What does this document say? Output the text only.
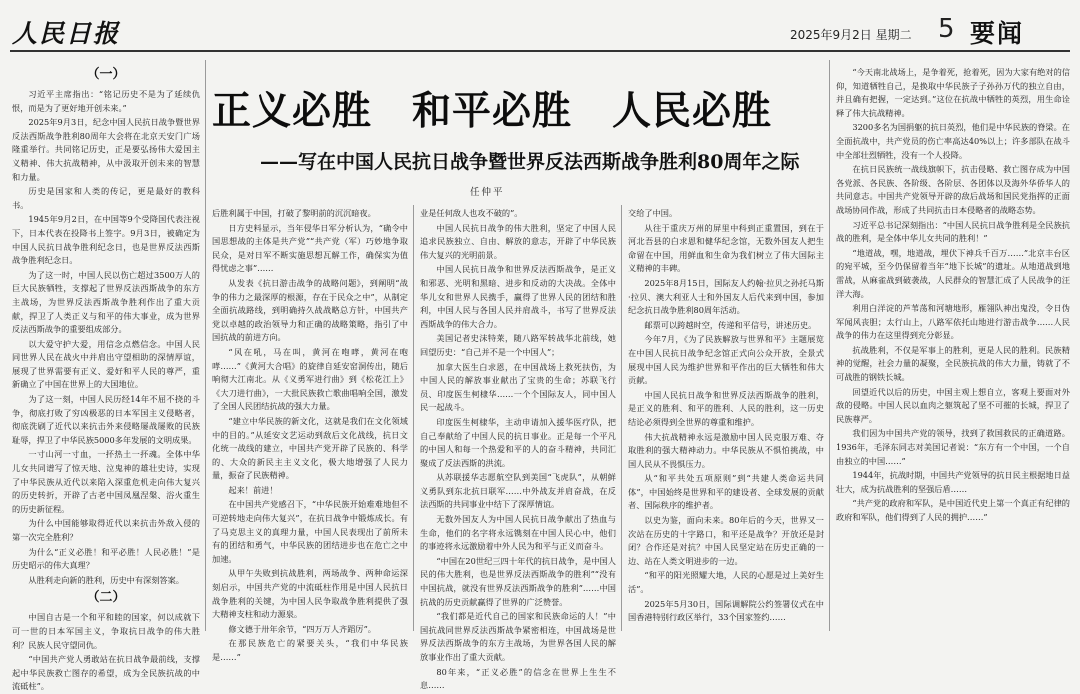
人民日报	2025年9月2日 星期二 5 要闻
正义必胜　和平必胜　人民必胜
——写在中国人民抗日战争暨世界反法西斯战争胜利80周年之际
任仲平
（一）

习近平主席指出：“铭记历史不是为了延续仇恨，而是为了更好地开创未来。”

2025年9月3日，纪念中国人民抗日战争暨世界反法西斯战争胜利80周年大会将在北京天安门广场隆重举行。共同铭记历史，正是要弘扬伟大爱国主义精神、伟大抗战精神，从中汲取开创未来的智慧和力量。

历史是国家和人类的传记，更是最好的教科书。

1945年9月2日，在中国等9个受降国代表注视下，日本代表在投降书上签字。9月3日，被确定为中国人民抗日战争胜利纪念日，也是世界反法西斯战争胜利纪念日。

为了这一时，中国人民以伤亡超过3500万人的巨大民族牺牲，支撑起了世界反法西斯战争的东方主战场，为世界反法西斯战争胜利作出了重大贡献，捍卫了人类正义与和平的伟大事业，成为世界反法西斯战争的重要组成部分。

以大爱守护大爱，用信念点燃信念。中国人民同世界人民在战火中并肩出守望相助的深情厚谊，展现了世界需要有正义、爱好和平人民的尊严，重新确立了中国在世界上的大国地位。

为了这一刻，中国人民历经14年不屈不挠的斗争，彻底打败了穷凶极恶的日本军国主义侵略者，彻底洗刷了近代以来抗击外来侵略屡战屡败的民族耻辱，捍卫了中华民族5000多年发展的文明成果。

一寸山河一寸血，一抔热土一抔魂。全体中华儿女共同谱写了惊天地、泣鬼神的雄壮史诗，实现了中华民族从近代以来陷入深重危机走向伟大复兴的历史转折，开辟了古老中国凤凰涅槃、浴火重生的历史新征程。

为什么中国能够取得近代以来抗击外敌入侵的第一次完全胜利？

为什么“正义必胜！和平必胜！人民必胜！”是历史昭示的伟大真理？

从胜利走向新的胜利，历史中有深刻答案。

（二）

中国自古是一个和平和睦的国家，何以成就下可一世的日本军国主义，争取抗日战争的伟大胜利？民族人民守望同仇。

“中国共产党人勇敢站在抗日战争最前线，支撑起中华民族救亡图存的希望，成为全民族抗战的中流砥柱”。

后胜利属于中国，打破了黎明前的沉沉暗夜。

日方史料显示，当年侵华日军分析认为，“确令中国思想战的主体是共产党”“共产党（军）巧妙地争取民众，是对日军不断实施思想瓦解工作，确保实为值得忧虑之事”……

从发表《抗日游击战争的战略问题》，到阐明“战争的伟力之最深厚的根源，存在于民众之中”，从制定全面抗战路线，到明确持久战战略总方针，中国共产党以卓越的政治领导力和正确的战略策略，指引了中国抗战的前进方向。

“风在吼，马在叫，黄河在咆哮，黄河在咆哮……”《黄河大合唱》的旋律自延安窑洞传出，随后响彻大江南北。从《义勇军进行曲》到《松花江上》《大刀进行曲》，一大批民族救亡歌曲唱响全国，激发了全国人民团结抗战的强大力量。

“建立中华民族的新文化，这就是我们在文化领域中的目的。”从延安文艺运动到敌后文化战线，抗日文化统一战线的建立，中国共产党开辟了民族的、科学的、大众的新民主主义文化，极大地增强了人民力量，振奋了民族精神。

起来！前进！

在中国共产党感召下，“中华民族开始难难地但不可逆转地走向伟大复兴”，在抗日战争中锻炼成长。有了马克思主义的真理力量，中国人民表现出了前所未有的团结和勇气，中华民族的团结进步也在危亡之中加速。

从甲午失败到抗战胜利，两场战争、两种命运深刻启示，中国共产党的中流砥柱作用是中国人民抗日战争胜利的关键，为中国人民争取战争胜利提供了强大精神支柱和动力源泉。

修文德于卅年余节，“四万万人齐蹈厉”。

在那民族危亡的紧要关头，“我们中华民族是……”

业是任何敌人也攻不破的”。

中国人民抗日战争的伟大胜利，坚定了中国人民追求民族独立、自由、解放的意志，开辟了中华民族伟大复兴的光明前景。

中国人民抗日战争和世界反法西斯战争，是正义和邪恶、光明和黑暗、进步和反动的大决战。全体中华儿女和世界人民携手，赢得了世界人民的团结和胜利，中国人民与各国人民并肩战斗，书写了世界反法西斯战争的伟大合力。

美国记者史沫特莱，随八路军转战华北前线，她回望历史：“自己并不是一个中国人”；

加拿大医生白求恩，在中国战场上救死扶伤，为中国人民的解放事业献出了宝贵的生命；苏联飞行员、印度医生柯棣华……一个个国际友人，同中国人民一起战斗。

印度医生柯棣华，主动申请加入援华医疗队，把自己奉献给了中国人民的抗日事业。正是每一个平凡的中国人和每一个热爱和平的人的奋斗精神，共同汇聚成了反法西斯的洪流。

从苏联援华志愿航空队到美国“飞虎队”，从朝鲜义勇队到东北抗日联军……中外战友并肩奋战，在反法西斯的共同事业中结下了深厚情谊。

无数外国友人为中国人民抗日战争献出了热血与生命，他们的名字将永远镌刻在中国人民心中，他们的事迹将永远激励着中外人民为和平与正义而奋斗。

“中国在20世纪三四十年代的抗日战争，是中国人民的伟大胜利，也是世界反法西斯战争的胜利”“没有中国抗战，就没有世界反法西斯战争的胜利”……中国抗战的历史贡献赢得了世界的广泛赞誉。

“我们都是近代自己的国家和民族命运的人！”中国抗战同世界反法西斯战争紧密相连，中国战场是世界反法西斯战争的东方主战场，为世界各国人民的解放事业作出了重大贡献。

80年来，“正义必胜”的信念在世界上生生不息……

交给了中国。

从往于重庆万州的屏里中科到正重置国，到在于河北吾县的白求恩和健华纪念馆，无数外国友人把生命留在中国，用鲜血和生命为我们树立了伟大国际主义精神的丰碑。

2025年8月15日，国际友人约翰·拉贝之孙托马斯·拉贝、澳大利亚人士和外国友人后代来到中国，参加纪念抗日战争胜利80周年活动。

邮票可以跨越时空，传递和平信号，讲述历史。

今年7月，《为了民族解放与世界和平》主题展览在中国人民抗日战争纪念馆正式向公众开放，全景式展现中国人民为维护世界和平作出的巨大牺牲和伟大贡献。

中国人民抗日战争和世界反法西斯战争的胜利，是正义的胜利、和平的胜利、人民的胜利，这一历史结论必须得到全世界的尊重和维护。

伟大抗战精神永远是激励中国人民克服万难、夺取胜利的强大精神动力。中华民族从不惧怕挑战，中国人民从不畏惧压力。

从“和平共处五项原则”到“共建人类命运共同体”，中国始终是世界和平的建设者、全球发展的贡献者、国际秩序的维护者。

以史为鉴，面向未来。80年后的今天，世界又一次站在历史的十字路口，和平还是战争？开放还是封闭？合作还是对抗？中国人民坚定站在历史正确的一边、站在人类文明进步的一边。

“和平的阳光照耀大地，人民的心愿是过上美好生活”。

2025年5月30日，国际调解院公约签署仪式在中国香港特别行政区举行，33个国家签约……

“今天南北战场上，是争着死，抢着死，因为大家有绝对的信仰，知道牺牲自己，是换取中华民族子子孙孙万代的独立自由，并且确有把握，一定达到。”这位在抗战中牺牲的英烈，用生命诠释了伟大抗战精神。

3200多名为国捐躯的抗日英烈，他们是中华民族的脊梁。在全面抗战中，共产党员的伤亡率高达40%以上；许多部队在战斗中全部壮烈牺牲，没有一个人投降。

在抗日民族统一战线旗帜下，抗击侵略、救亡图存成为中国各党派、各民族、各阶级、各阶层、各团体以及海外华侨华人的共同意志。中国共产党领导开辟的敌后战场和国民党指挥的正面战场协同作战，形成了共同抗击日本侵略者的战略态势。

习近平总书记深刻指出：“中国人民抗日战争胜利是全民族抗战的胜利，是全体中华儿女共同的胜利！”

“地道战，嘿，地道战，埋伏下神兵千百万……”北京丰台区的宛平城，至今仍保留着当年“地下长城”的遗址。从地道战到地雷战，从麻雀战到破袭战，人民群众的智慧汇成了人民战争的汪洋大海。

利用白洋淀的芦苇荡和河塘地形，雁翎队神出鬼没，令日伪军闻风丧胆；太行山上，八路军依托山地进行游击战争……人民战争的伟力在这里得到充分彰显。

抗战胜利，不仅是军事上的胜利，更是人民的胜利。民族精神的觉醒，社会力量的凝聚，全民族抗战的伟大力量，铸就了不可战胜的钢铁长城。

回望近代以后的历史，中国主观上想自立，客观上要面对外敌的侵略。中国人民以血肉之躯筑起了坚不可摧的长城，捍卫了民族尊严。

我们因为中国共产党的领导，找到了救国救民的正确道路。1936年，毛泽东同志对美国记者说：“东方有一个中国，一个自由独立的中国……”

1944年，抗战时期，中国共产党领导的抗日民主根据地日益壮大，成为抗战胜利的坚强后盾……

“共产党的政府和军队，是中国近代史上第一个真正有纪律的政府和军队，他们得到了人民的拥护……”
